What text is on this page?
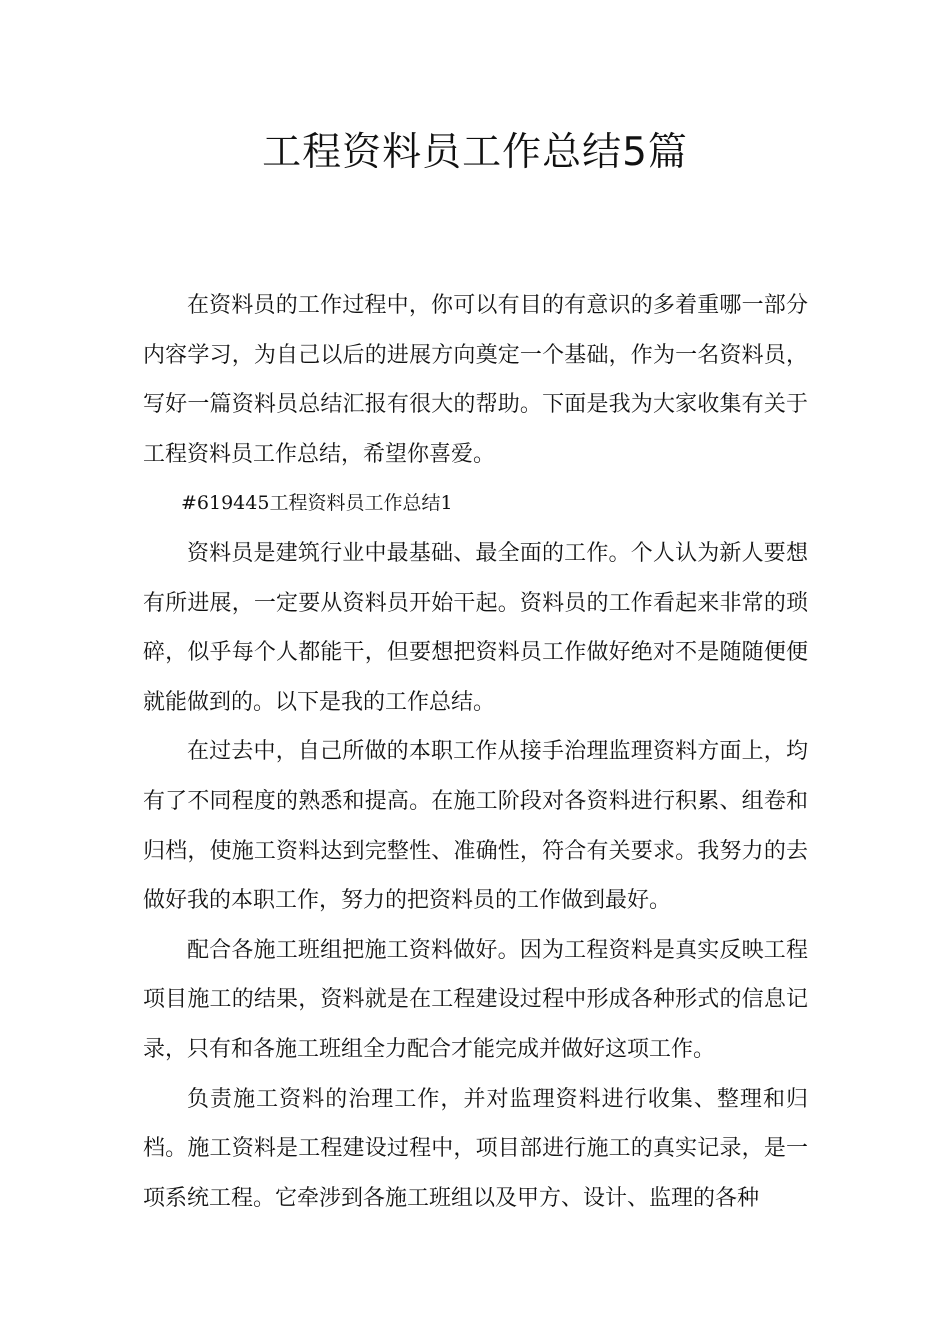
工程资料员工作总结5篇

在资料员的工作过程中，你可以有目的有意识的多着重哪一部分内容学习，为自己以后的进展方向奠定一个基础，作为一名资料员，写好一篇资料员总结汇报有很大的帮助。下面是我为大家收集有关于工程资料员工作总结，希望你喜爱。

#619445工程资料员工作总结1

资料员是建筑行业中最基础、最全面的工作。个人认为新人要想有所进展，一定要从资料员开始干起。资料员的工作看起来非常的琐碎，似乎每个人都能干，但要想把资料员工作做好绝对不是随随便便就能做到的。以下是我的工作总结。

在过去中，自己所做的本职工作从接手治理监理资料方面上，均有了不同程度的熟悉和提高。在施工阶段对各资料进行积累、组卷和归档，使施工资料达到完整性、准确性，符合有关要求。我努力的去做好我的本职工作，努力的把资料员的工作做到最好。

配合各施工班组把施工资料做好。因为工程资料是真实反映工程项目施工的结果，资料就是在工程建设过程中形成各种形式的信息记录，只有和各施工班组全力配合才能完成并做好这项工作。

负责施工资料的治理工作，并对监理资料进行收集、整理和归档。施工资料是工程建设过程中，项目部进行施工的真实记录，是一项系统工程。它牵涉到各施工班组以及甲方、设计、监理的各种
